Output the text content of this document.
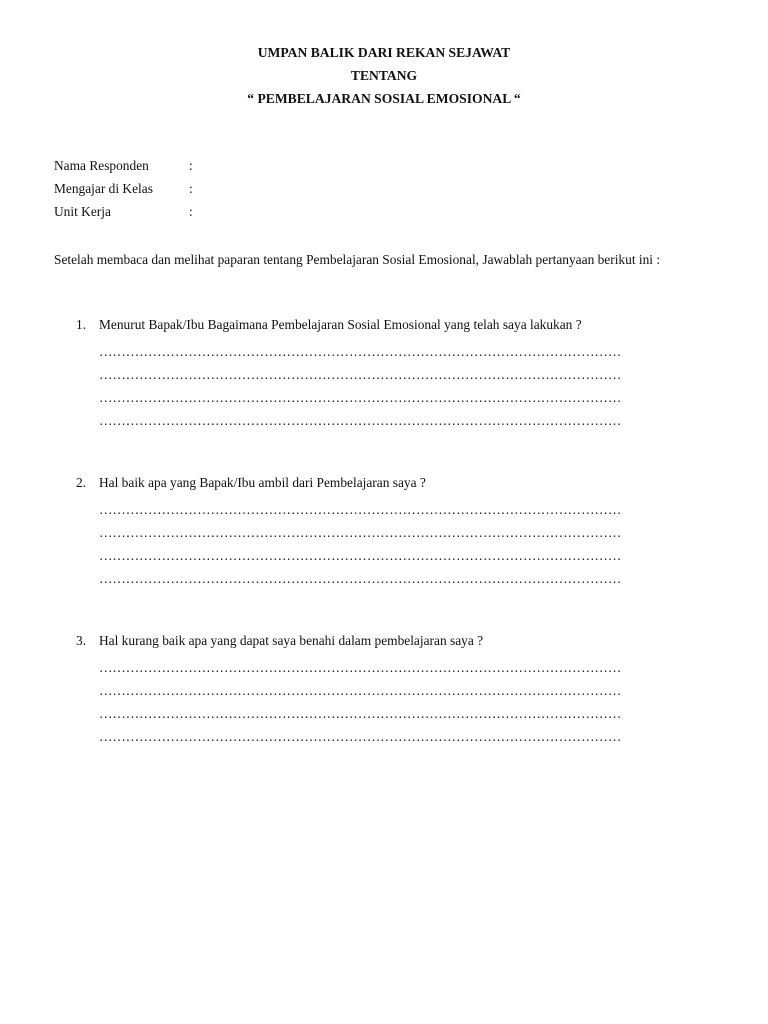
UMPAN BALIK DARI REKAN SEJAWAT
TENTANG
“ PEMBELAJARAN SOSIAL EMOSIONAL “
Nama Responden	:
Mengajar di Kelas	:
Unit Kerja	:
Setelah membaca dan melihat paparan tentang Pembelajaran Sosial Emosional, Jawablah pertanyaan berikut ini :
1. Menurut Bapak/Ibu Bagaimana Pembelajaran Sosial Emosional yang telah saya lakukan ?
………………………………………………………………………………………………………
………………………………………………………………………………………………………
………………………………………………………………………………………………………
………………………………………………………………………………………………………
2. Hal baik apa yang Bapak/Ibu ambil dari Pembelajaran saya ?
………………………………………………………………………………………………………
………………………………………………………………………………………………………
………………………………………………………………………………………………………
………………………………………………………………………………………………………
3. Hal kurang baik apa yang dapat saya benahi dalam pembelajaran saya ?
………………………………………………………………………………………………………
………………………………………………………………………………………………………
………………………………………………………………………………………………………
………………………………………………………………………………………………………
